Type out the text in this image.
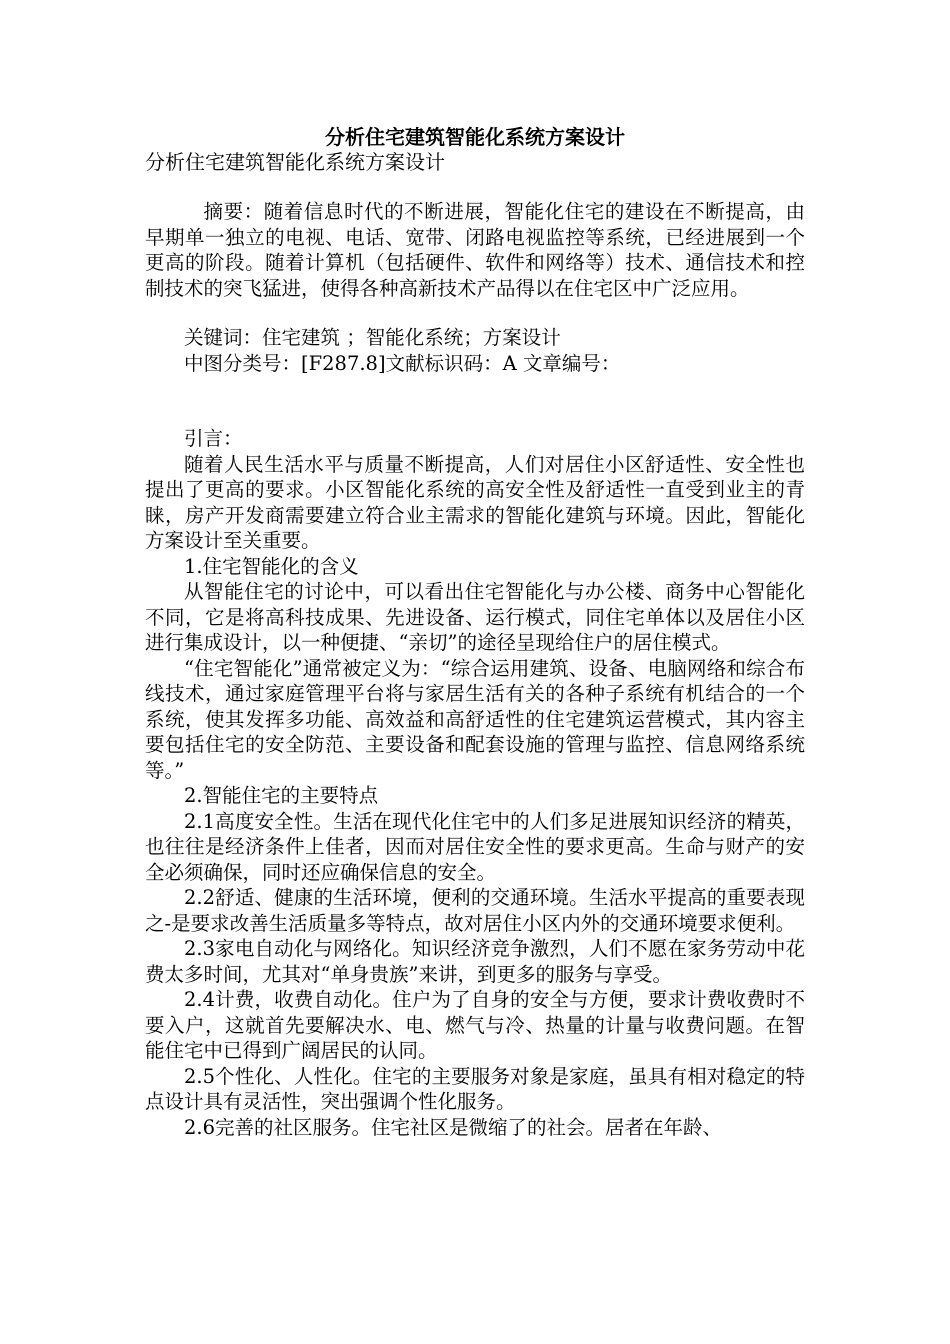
分析住宅建筑智能化系统方案设计
分析住宅建筑智能化系统方案设计

摘要：随着信息时代的不断进展，智能化住宅的建设在不断提高，由早期单一独立的电视、电话、宽带、闭路电视监控等系统，已经进展到一个更高的阶段。随着计算机（包括硬件、软件和网络等）技术、通信技术和控制技术的突飞猛进，使得各种高新技术产品得以在住宅区中广泛应用。

关键词：住宅建筑 ；智能化系统；方案设计

中图分类号：[F287.8]文献标识码：A 文章编号：

引言：

随着人民生活水平与质量不断提高，人们对居住小区舒适性、安全性也提出了更高的要求。小区智能化系统的高安全性及舒适性一直受到业主的青睐，房产开发商需要建立符合业主需求的智能化建筑与环境。因此，智能化方案设计至关重要。

1.住宅智能化的含义

从智能住宅的讨论中，可以看出住宅智能化与办公楼、商务中心智能化不同，它是将高科技成果、先进设备、运行模式，同住宅单体以及居住小区进行集成设计，以一种便捷、“亲切”的途径呈现给住户的居住模式。

“住宅智能化”通常被定义为：“综合运用建筑、设备、电脑网络和综合布线技术，通过家庭管理平台将与家居生活有关的各种子系统有机结合的一个系统，使其发挥多功能、高效益和高舒适性的住宅建筑运营模式，其内容主要包括住宅的安全防范、主要设备和配套设施的管理与监控、信息网络系统等。”

2.智能住宅的主要特点

2.1高度安全性。生活在现代化住宅中的人们多足进展知识经济的精英，也往往是经济条件上佳者，因而对居住安全性的要求更高。生命与财产的安全必须确保，同时还应确保信息的安全。

2.2舒适、健康的生活环境，便利的交通环境。生活水平提高的重要表现之-是要求改善生活质量多等特点，故对居住小区内外的交通环境要求便利。

2.3家电自动化与网络化。知识经济竞争激烈，人们不愿在家务劳动中花费太多时间，尤其对“单身贵族”来讲，到更多的服务与享受。

2.4计费，收费自动化。住户为了自身的安全与方便，要求计费收费时不要入户，这就首先要解决水、电、燃气与冷、热量的计量与收费问题。在智能住宅中已得到广阔居民的认同。

2.5个性化、人性化。住宅的主要服务对象是家庭，虽具有相对稳定的特点设计具有灵活性，突出强调个性化服务。

2.6完善的社区服务。住宅社区是微缩了的社会。居者在年龄、
